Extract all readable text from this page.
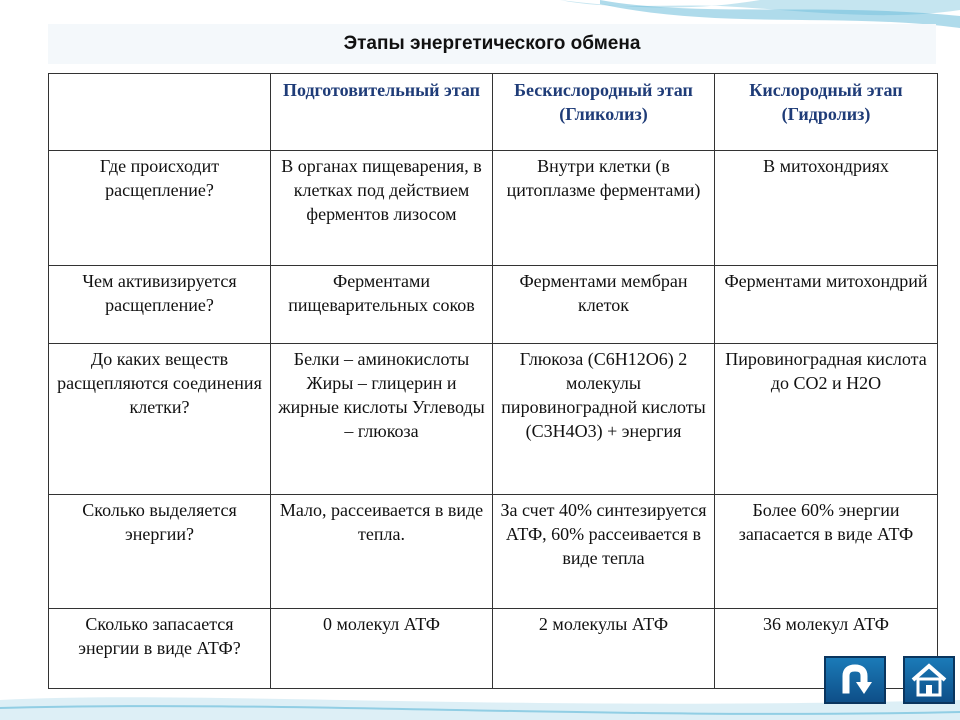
Этапы энергетического обмена
	Подготовительный этап	Бескислородный этап (Гликолиз)	Кислородный этап (Гидролиз)
Где происходит расщепление?	В органах пищеварения, в клетках под действием ферментов лизосом	Внутри клетки (в цитоплазме ферментами)	В митохондриях
Чем активизируется расщепление?	Ферментами пищеварительных соков	Ферментами мембран клеток	Ферментами митохондрий
До каких веществ расщепляются соединения клетки?	Белки – аминокислоты Жиры – глицерин и жирные кислоты Углеводы – глюкоза	Глюкоза (С6Н12О6) 2 молекулы пировиноградной кислоты (С3Н4О3) + энергия	Пировиноградная кислота до СО2 и Н2О
Сколько выделяется энергии?	Мало, рассеивается в виде тепла.	За счет 40% синтезируется АТФ, 60% рассеивается в виде тепла	Более 60% энергии запасается в виде АТФ
Сколько запасается энергии в виде АТФ?	0 молекул АТФ	2 молекулы АТФ	36 молекул АТФ
